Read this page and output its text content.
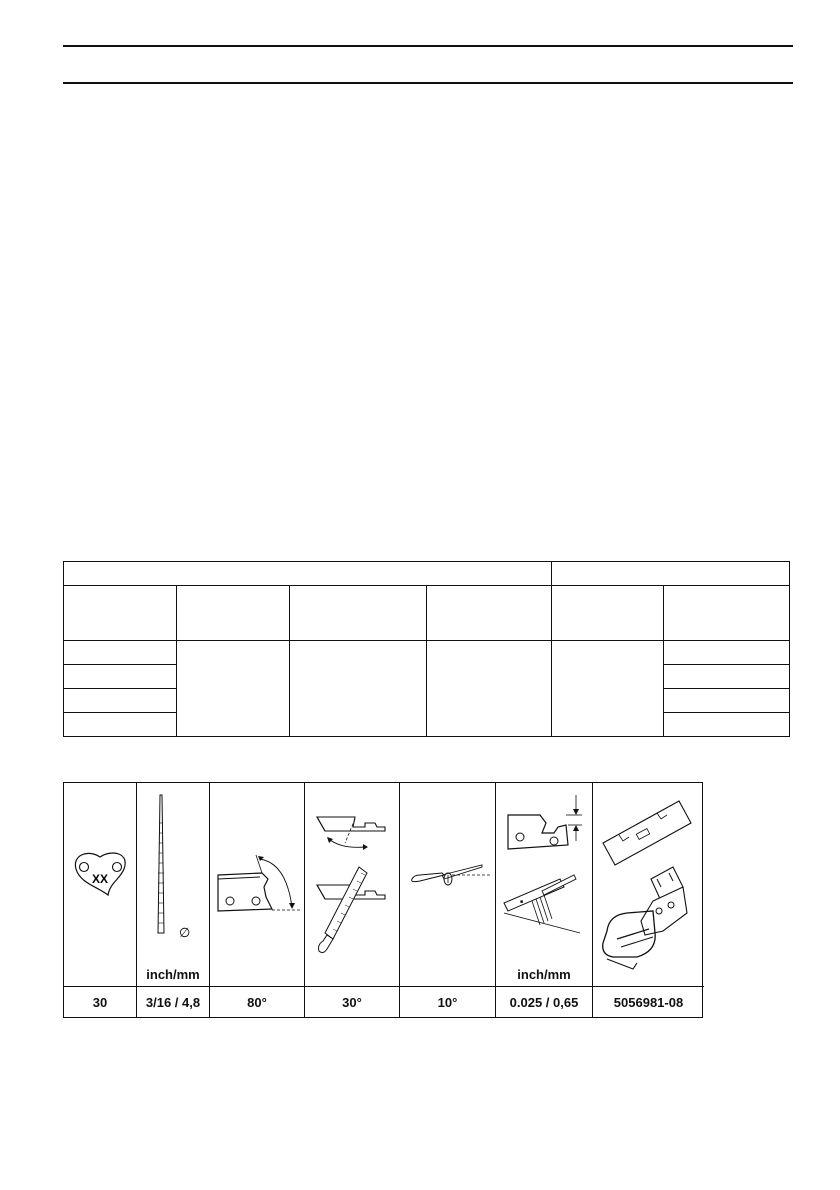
XX
∅
inch/mm
■
inch/mm
30	3/16 / 4,8	80°	30°	10°	0.025 / 0,65	5056981-08
